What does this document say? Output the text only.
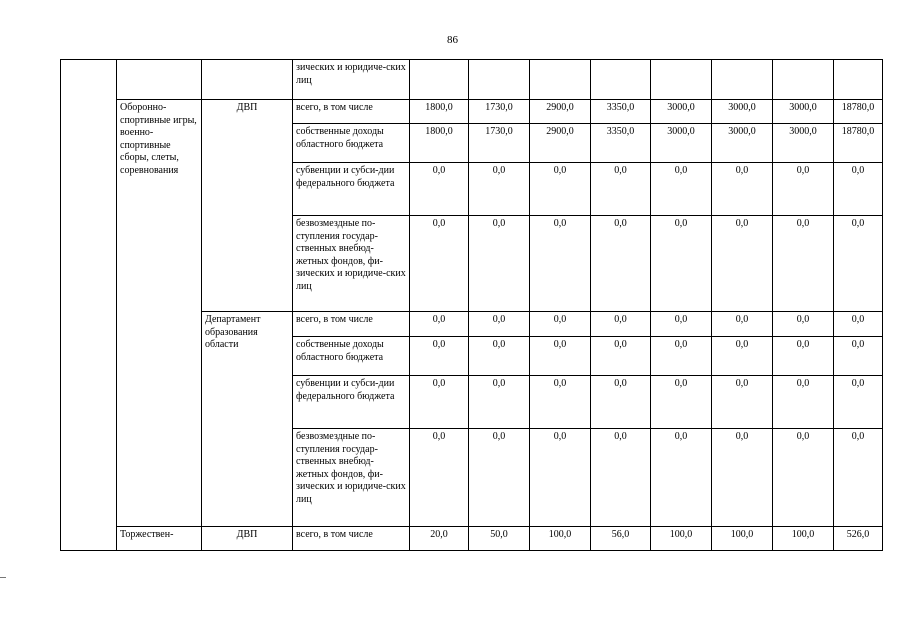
86
			зических и юридиче-ских лиц								
	Оборонно-спортивные игры, военно-спортивные сборы, слеты, соревнования	ДВП	всего, в том числе	1800,0	1730,0	2900,0	3350,0	3000,0	3000,0	3000,0	18780,0
			собственные доходы областного бюджета	1800,0	1730,0	2900,0	3350,0	3000,0	3000,0	3000,0	18780,0
			субвенции и субси-дии федерального бюджета	0,0	0,0	0,0	0,0	0,0	0,0	0,0	0,0
			безвозмездные по-ступления государ-ственных внебюд-жетных фондов, фи-зических и юридиче-ских лиц	0,0	0,0	0,0	0,0	0,0	0,0	0,0	0,0
		Департамент образования области	всего, в том числе	0,0	0,0	0,0	0,0	0,0	0,0	0,0	0,0
			собственные доходы областного бюджета	0,0	0,0	0,0	0,0	0,0	0,0	0,0	0,0
			субвенции и субси-дии федерального бюджета	0,0	0,0	0,0	0,0	0,0	0,0	0,0	0,0
			безвозмездные по-ступления государ-ственных внебюд-жетных фондов, фи-зических и юридиче-ских лиц	0,0	0,0	0,0	0,0	0,0	0,0	0,0	0,0
	Торжествен-	ДВП	всего, в том числе	20,0	50,0	100,0	56,0	100,0	100,0	100,0	526,0
